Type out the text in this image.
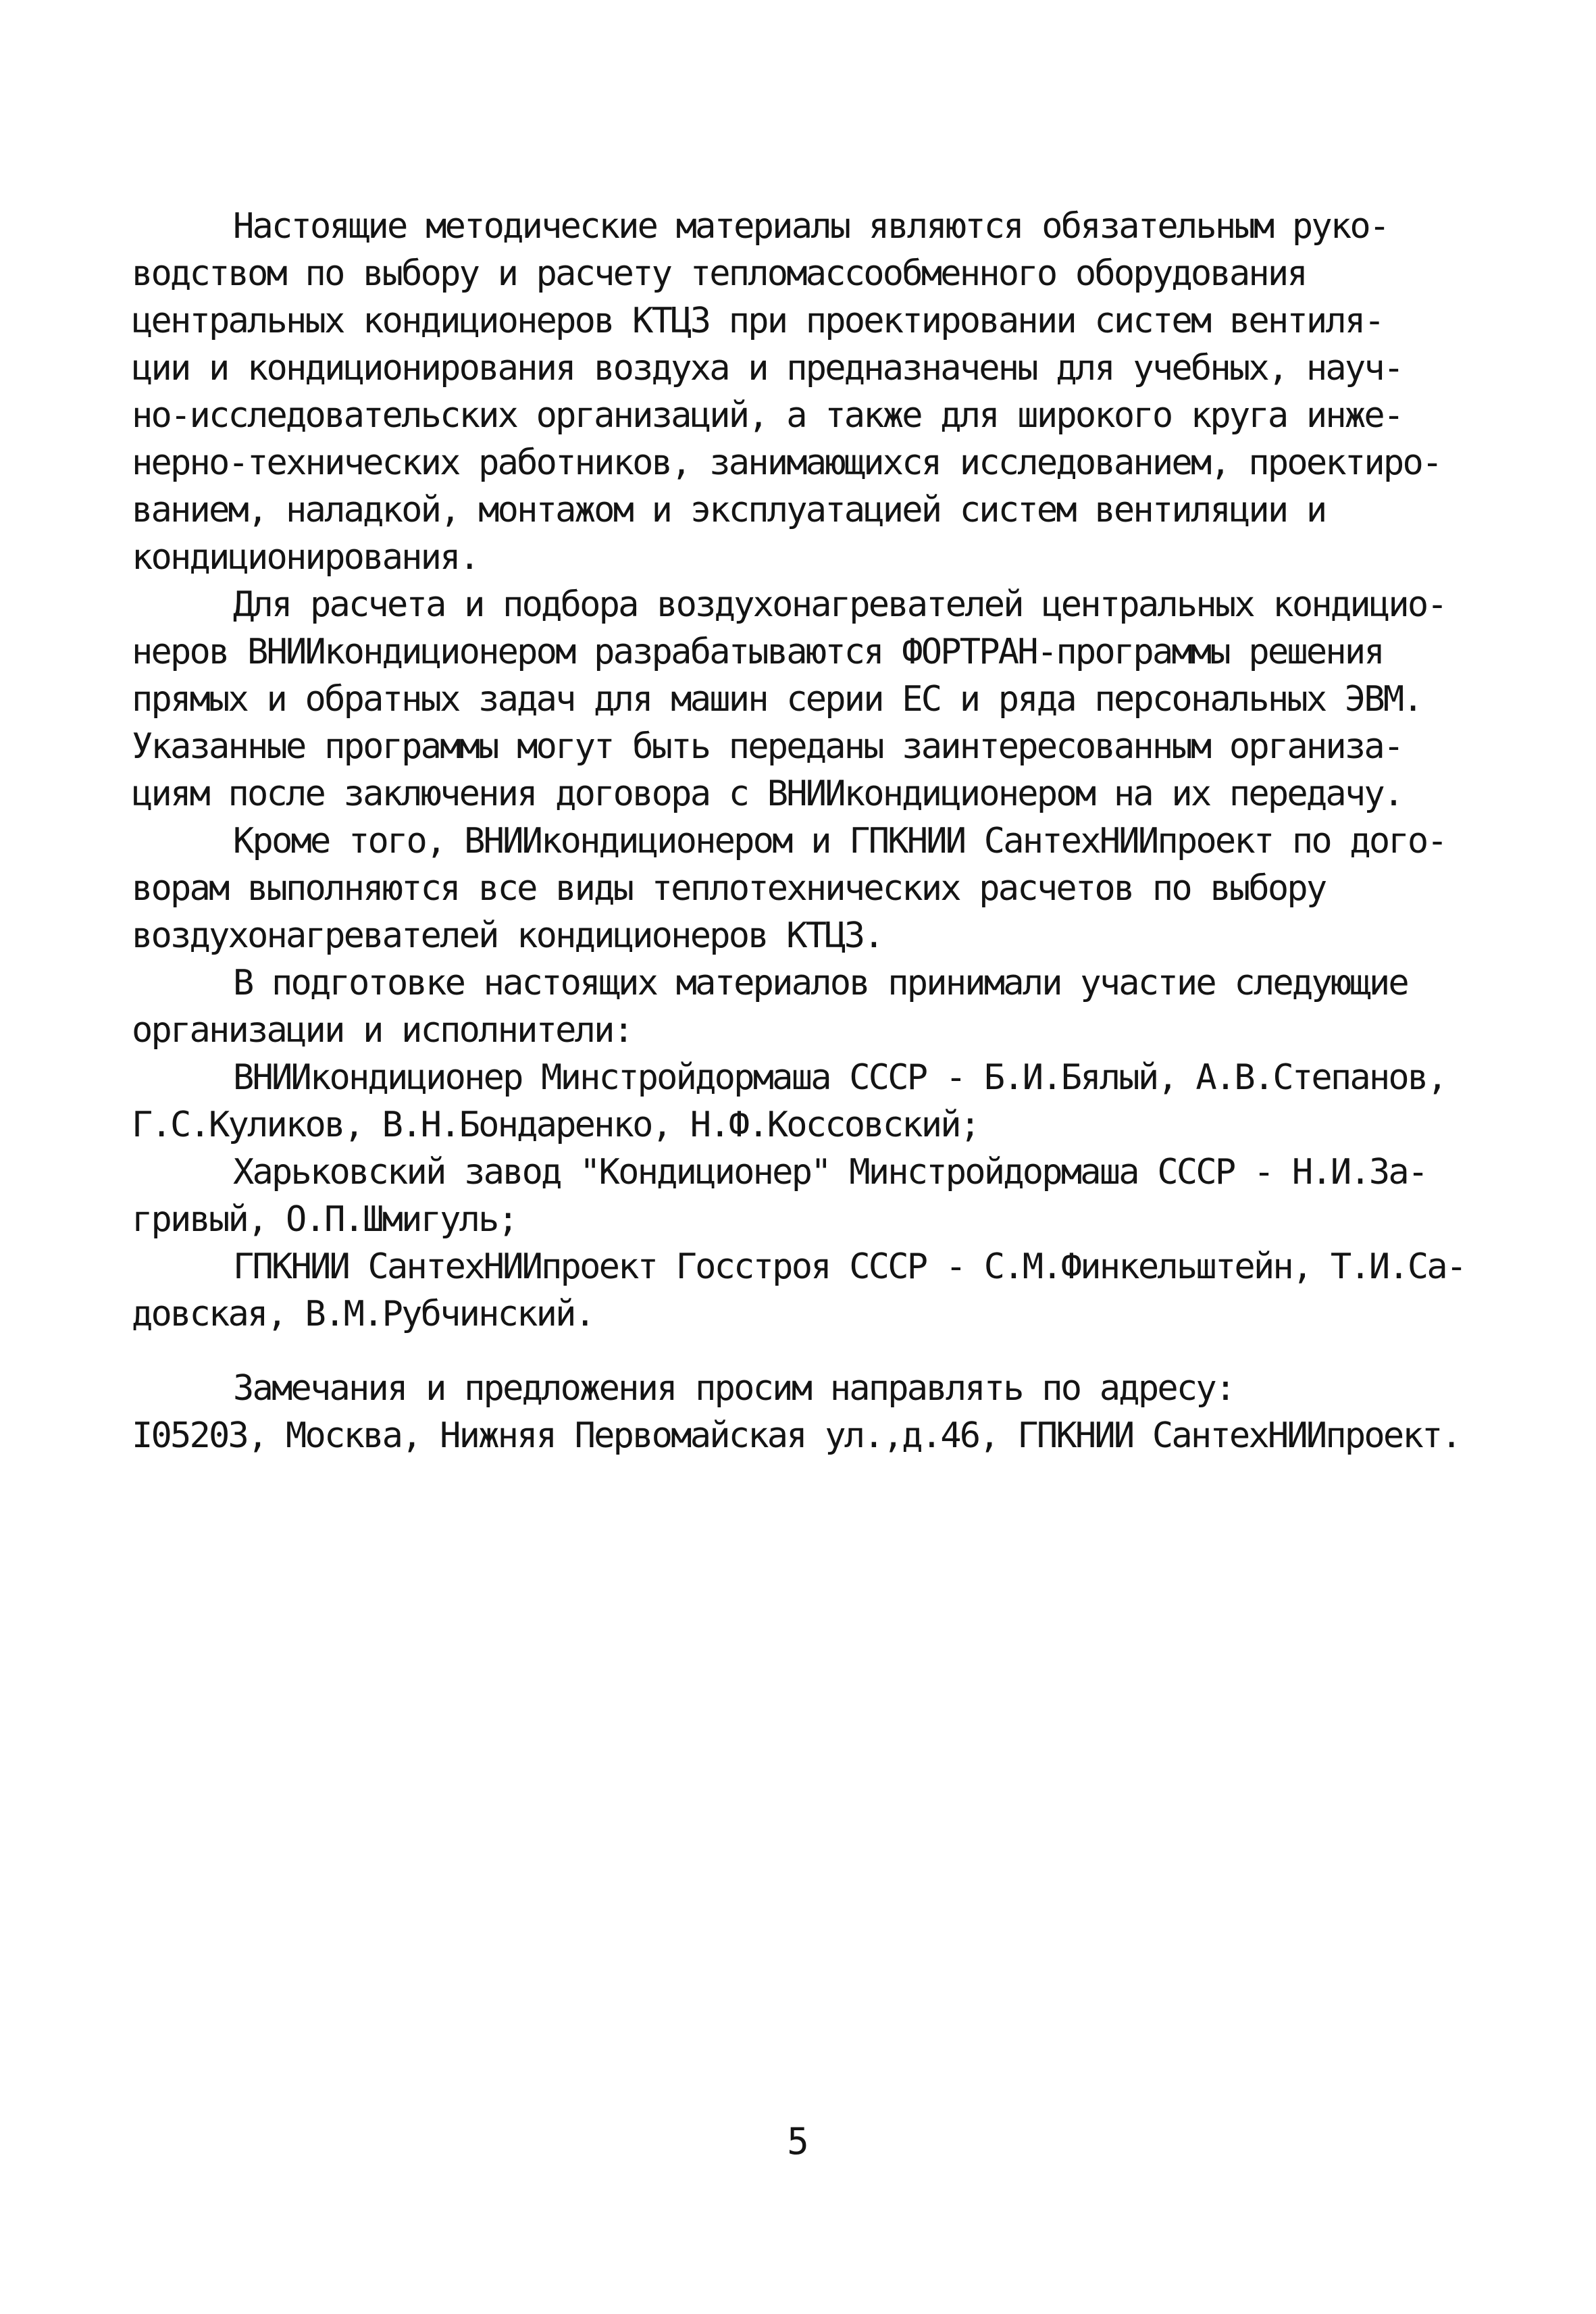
Настоящие методические материалы являются обязательным руко-
водством по выбору и расчету тепломассообменного оборудования
центральных кондиционеров КТЦЗ при проектировании систем вентиля-
ции и кондиционирования воздуха и предназначены для учебных, науч-
но-исследовательских организаций, а также для широкого круга инже-
нерно-технических работников, занимающихся исследованием, проектиро-
ванием, наладкой, монтажом и эксплуатацией систем вентиляции и
кондиционирования.
Для расчета и подбора воздухонагревателей центральных кондицио-
неров ВНИИкондиционером разрабатываются ФОРТРАН-программы решения
прямых и обратных задач для машин серии ЕС и ряда персональных ЭВМ.
Указанные программы могут быть переданы заинтересованным организа-
циям после заключения договора с ВНИИкондиционером на их передачу.
Кроме того, ВНИИкондиционером и ГПКНИИ СантехНИИпроект по дого-
ворам выполняются все виды теплотехнических расчетов по выбору
воздухонагревателей кондиционеров КТЦЗ.
В подготовке настоящих материалов принимали участие следующие
организации и исполнители:
ВНИИкондиционер Минстройдормаша СССР - Б.И.Бялый, А.В.Степанов,
Г.С.Куликов, В.Н.Бондаренко, Н.Ф.Коссовский;
Харьковский завод "Кондиционер" Минстройдормаша СССР - Н.И.За-
гривый, О.П.Шмигуль;
ГПКНИИ СантехНИИпроект Госстроя СССР - С.М.Финкельштейн, Т.И.Са-
довская, В.М.Рубчинский.
Замечания и предложения просим направлять по адресу:
I05203, Москва, Нижняя Первомайская ул.,д.46, ГПКНИИ СантехНИИпроект.
5
